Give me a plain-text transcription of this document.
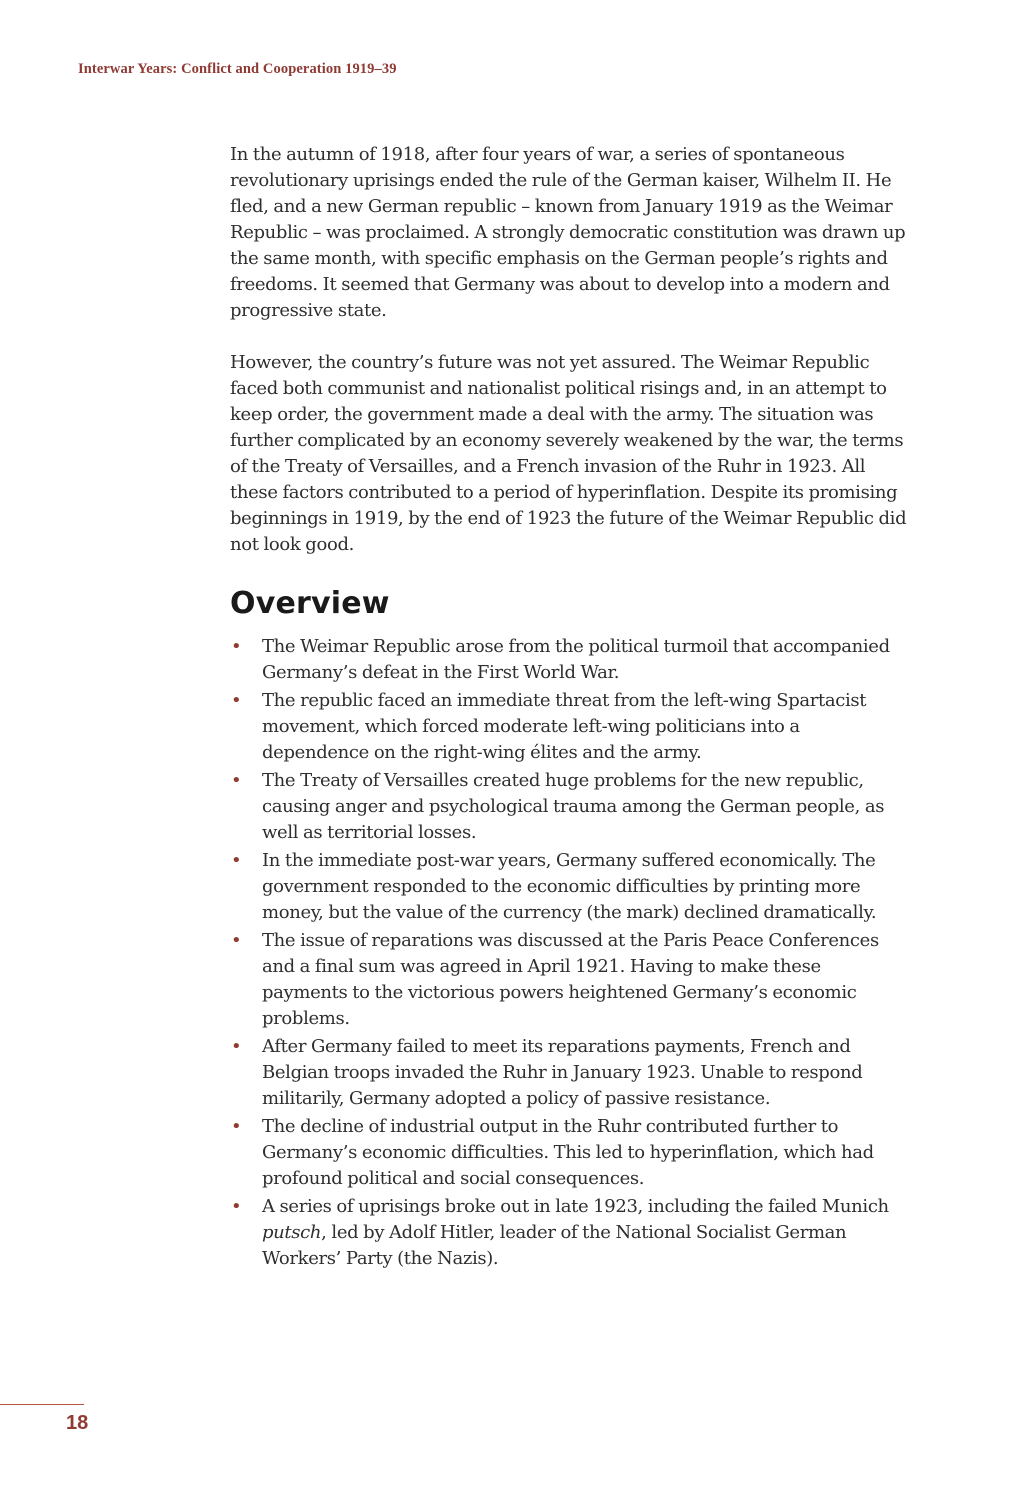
Interwar Years: Conflict and Cooperation 1919–39

In the autumn of 1918, after four years of war, a series of spontaneous revolutionary uprisings ended the rule of the German kaiser, Wilhelm II. He fled, and a new German republic – known from January 1919 as the Weimar Republic – was proclaimed. A strongly democratic constitution was drawn up the same month, with specific emphasis on the German people’s rights and freedoms. It seemed that Germany was about to develop into a modern and progressive state.

However, the country’s future was not yet assured. The Weimar Republic faced both communist and nationalist political risings and, in an attempt to keep order, the government made a deal with the army. The situation was further complicated by an economy severely weakened by the war, the terms of the Treaty of Versailles, and a French invasion of the Ruhr in 1923. All these factors contributed to a period of hyperinflation. Despite its promising beginnings in 1919, by the end of 1923 the future of the Weimar Republic did not look good.

Overview
• The Weimar Republic arose from the political turmoil that accompanied Germany’s defeat in the First World War.
• The republic faced an immediate threat from the left-wing Spartacist movement, which forced moderate left-wing politicians into a dependence on the right-wing élites and the army.
• The Treaty of Versailles created huge problems for the new republic, causing anger and psychological trauma among the German people, as well as territorial losses.
• In the immediate post-war years, Germany suffered economically. The government responded to the economic difficulties by printing more money, but the value of the currency (the mark) declined dramatically.
• The issue of reparations was discussed at the Paris Peace Conferences and a final sum was agreed in April 1921. Having to make these payments to the victorious powers heightened Germany’s economic problems.
• After Germany failed to meet its reparations payments, French and Belgian troops invaded the Ruhr in January 1923. Unable to respond militarily, Germany adopted a policy of passive resistance.
• The decline of industrial output in the Ruhr contributed further to Germany’s economic difficulties. This led to hyperinflation, which had profound political and social consequences.
• A series of uprisings broke out in late 1923, including the failed Munich putsch, led by Adolf Hitler, leader of the National Socialist German Workers’ Party (the Nazis).
18
